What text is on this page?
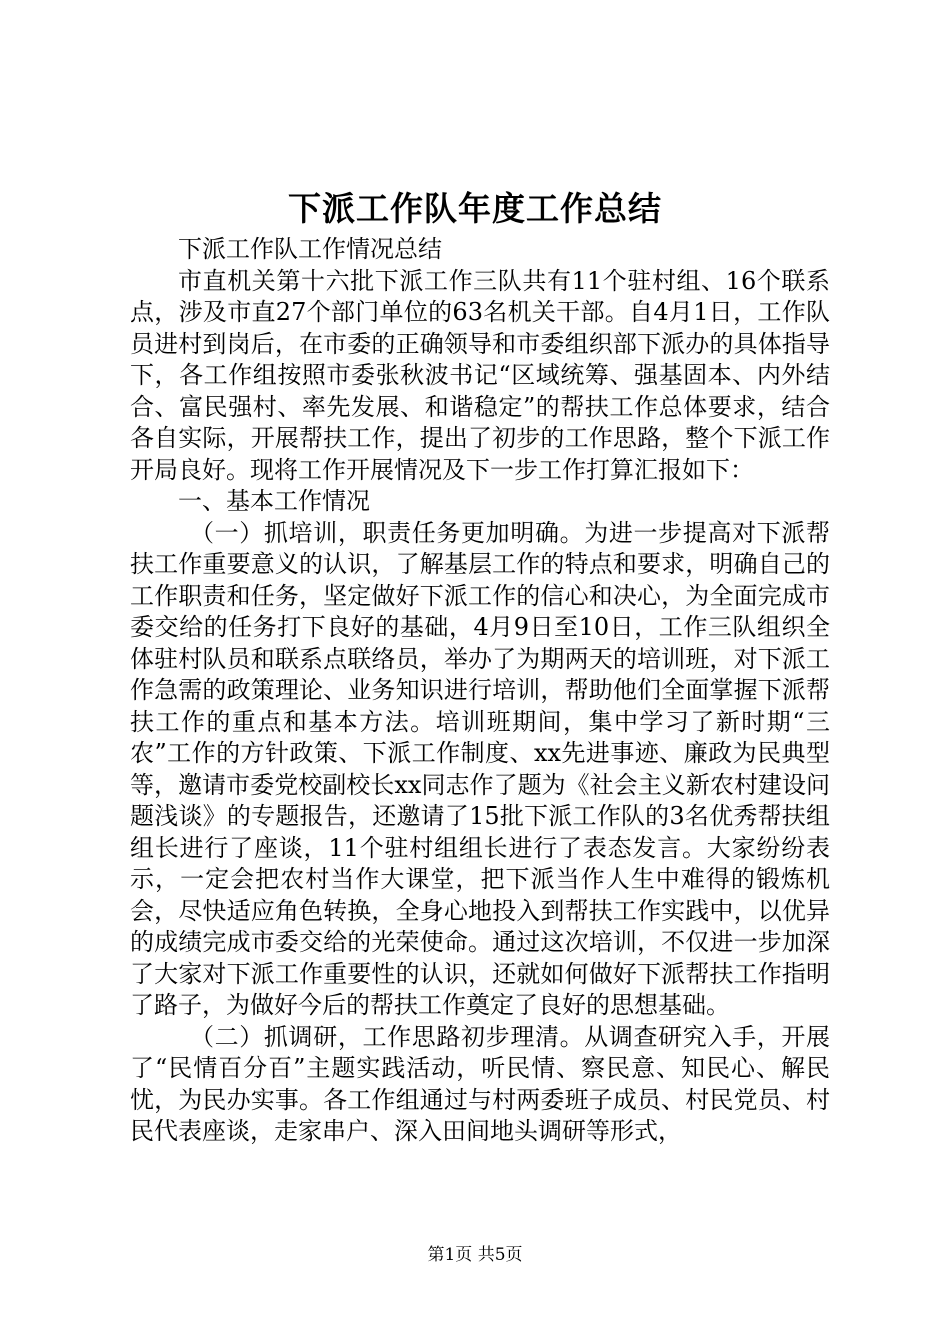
下派工作队年度工作总结

下派工作队工作情况总结

市直机关第十六批下派工作三队共有11个驻村组、16个联系点，涉及市直27个部门单位的63名机关干部。自4月1日，工作队员进村到岗后，在市委的正确领导和市委组织部下派办的具体指导下，各工作组按照市委张秋波书记“区域统筹、强基固本、内外结合、富民强村、率先发展、和谐稳定”的帮扶工作总体要求，结合各自实际，开展帮扶工作，提出了初步的工作思路，整个下派工作开局良好。现将工作开展情况及下一步工作打算汇报如下：

一、基本工作情况

（一）抓培训，职责任务更加明确。为进一步提高对下派帮扶工作重要意义的认识，了解基层工作的特点和要求，明确自己的工作职责和任务，坚定做好下派工作的信心和决心，为全面完成市委交给的任务打下良好的基础，4月9日至10日，工作三队组织全体驻村队员和联系点联络员，举办了为期两天的培训班，对下派工作急需的政策理论、业务知识进行培训，帮助他们全面掌握下派帮扶工作的重点和基本方法。培训班期间，集中学习了新时期“三农”工作的方针政策、下派工作制度、xx先进事迹、廉政为民典型等，邀请市委党校副校长xx同志作了题为《社会主义新农村建设问题浅谈》的专题报告，还邀请了15批下派工作队的3名优秀帮扶组组长进行了座谈，11个驻村组组长进行了表态发言。大家纷纷表示，一定会把农村当作大课堂，把下派当作人生中难得的锻炼机会，尽快适应角色转换，全身心地投入到帮扶工作实践中，以优异的成绩完成市委交给的光荣使命。通过这次培训，不仅进一步加深了大家对下派工作重要性的认识，还就如何做好下派帮扶工作指明了路子，为做好今后的帮扶工作奠定了良好的思想基础。

（二）抓调研，工作思路初步理清。从调查研究入手，开展了“民情百分百”主题实践活动，听民情、察民意、知民心、解民忧，为民办实事。各工作组通过与村两委班子成员、村民党员、村民代表座谈，走家串户、深入田间地头调研等形式，

第1页 共5页
